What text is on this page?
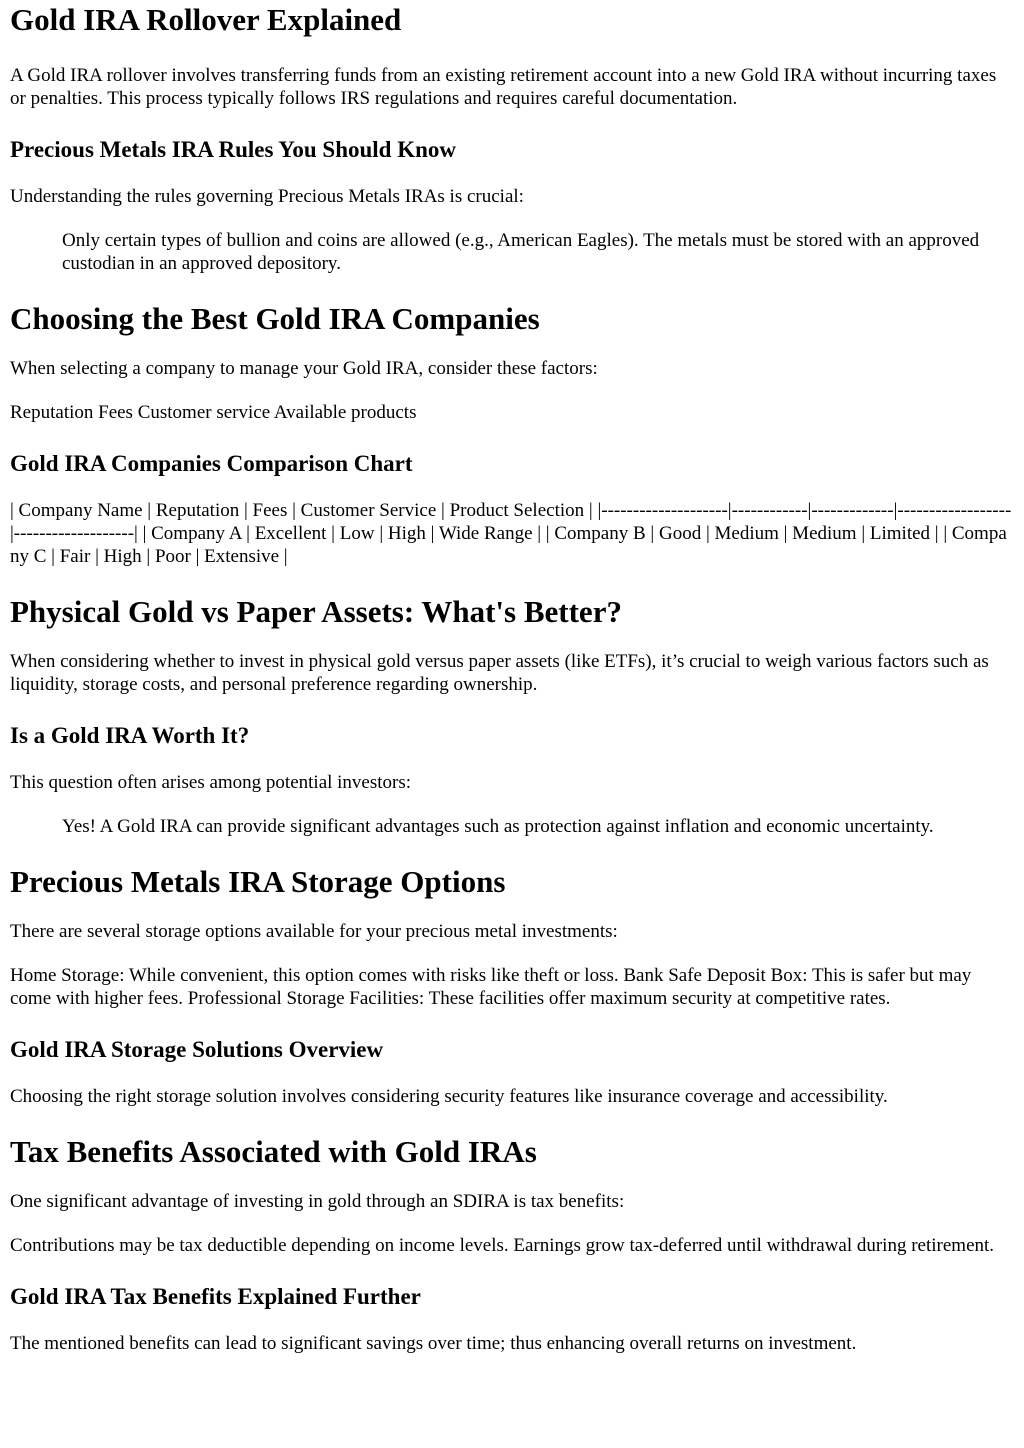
Gold IRA Rollover Explained

A Gold IRA rollover involves transferring funds from an existing retirement account into a new Gold IRA without incurring taxes or penalties. This process typically follows IRS regulations and requires careful documentation.

Precious Metals IRA Rules You Should Know

Understanding the rules governing Precious Metals IRAs is crucial:

Only certain types of bullion and coins are allowed (e.g., American Eagles). The metals must be stored with an approved custodian in an approved depository.
Choosing the Best Gold IRA Companies

When selecting a company to manage your Gold IRA, consider these factors:

Reputation Fees Customer service Available products

Gold IRA Companies Comparison Chart

| Company Name | Reputation | Fees | Customer Service | Product Selection | |--------------------|------------|-------------|------------------|-------------------| | Company A | Excellent | Low | High | Wide Range | | Company B | Good | Medium | Medium | Limited | | Company C | Fair | High | Poor | Extensive |

Physical Gold vs Paper Assets: What's Better?

When considering whether to invest in physical gold versus paper assets (like ETFs), it’s crucial to weigh various factors such as liquidity, storage costs, and personal preference regarding ownership.

Is a Gold IRA Worth It?

This question often arises among potential investors:

Yes! A Gold IRA can provide significant advantages such as protection against inflation and economic uncertainty.
Precious Metals IRA Storage Options

There are several storage options available for your precious metal investments:

Home Storage: While convenient, this option comes with risks like theft or loss. Bank Safe Deposit Box: This is safer but may come with higher fees. Professional Storage Facilities: These facilities offer maximum security at competitive rates.

Gold IRA Storage Solutions Overview

Choosing the right storage solution involves considering security features like insurance coverage and accessibility.

Tax Benefits Associated with Gold IRAs

One significant advantage of investing in gold through an SDIRA is tax benefits:

Contributions may be tax deductible depending on income levels. Earnings grow tax-deferred until withdrawal during retirement.

Gold IRA Tax Benefits Explained Further

The mentioned benefits can lead to significant savings over time; thus enhancing overall returns on investment.
